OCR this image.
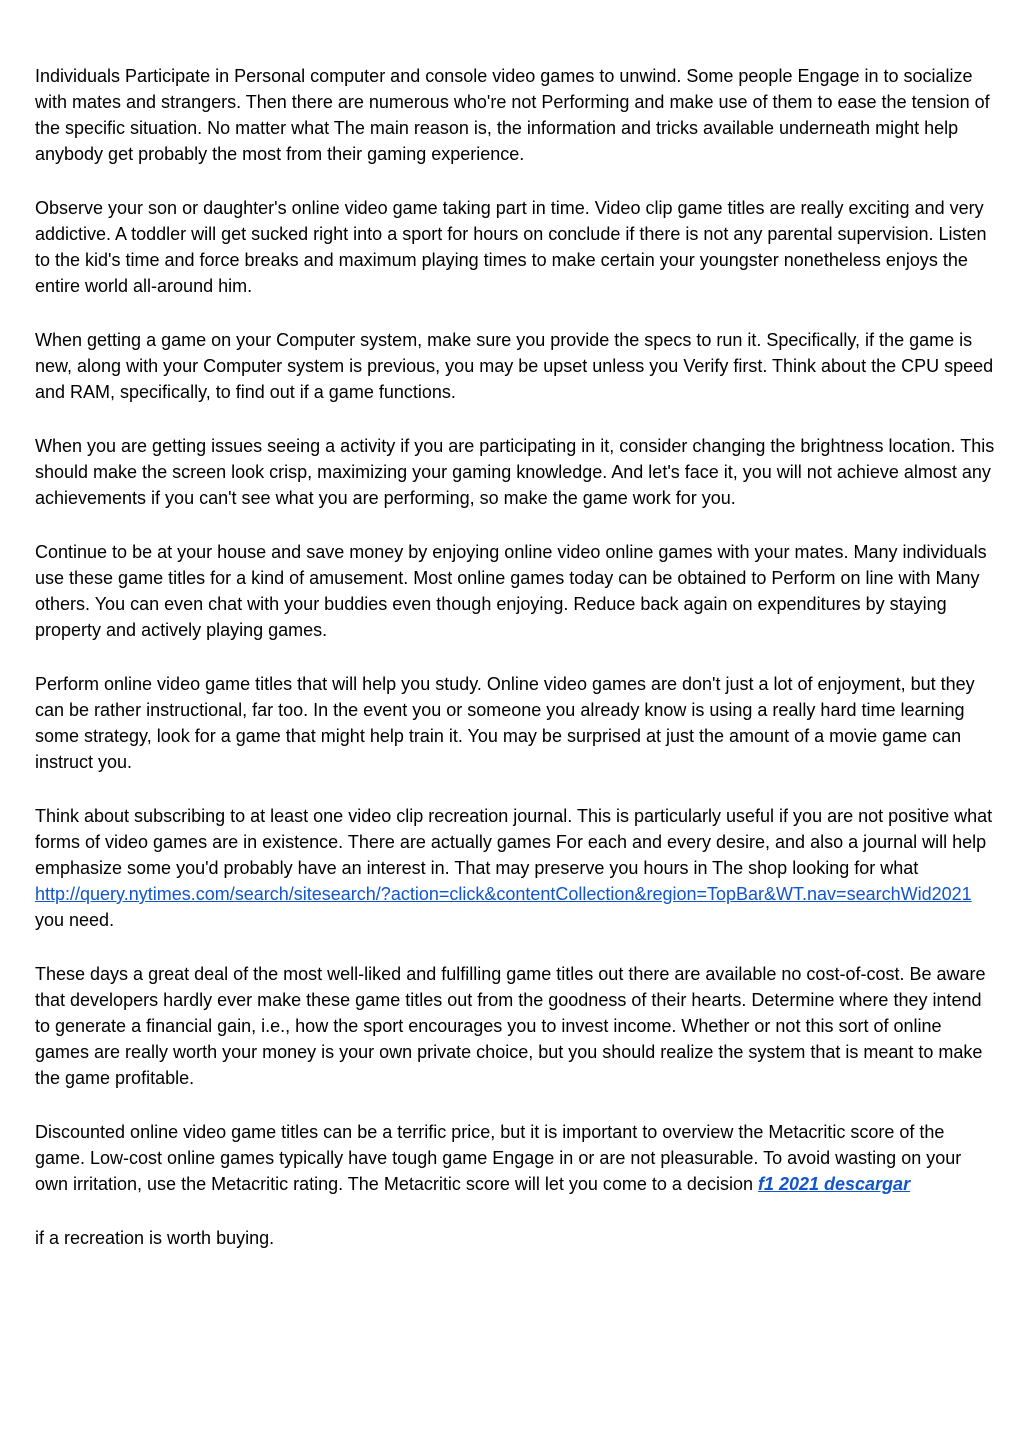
Individuals Participate in Personal computer and console video games to unwind. Some people Engage in to socialize with mates and strangers. Then there are numerous who're not Performing and make use of them to ease the tension of the specific situation. No matter what The main reason is, the information and tricks available underneath might help anybody get probably the most from their gaming experience.

Observe your son or daughter's online video game taking part in time. Video clip game titles are really exciting and very addictive. A toddler will get sucked right into a sport for hours on conclude if there is not any parental supervision. Listen to the kid's time and force breaks and maximum playing times to make certain your youngster nonetheless enjoys the entire world all-around him.

When getting a game on your Computer system, make sure you provide the specs to run it. Specifically, if the game is new, along with your Computer system is previous, you may be upset unless you Verify first. Think about the CPU speed and RAM, specifically, to find out if a game functions.

When you are getting issues seeing a activity if you are participating in it, consider changing the brightness location. This should make the screen look crisp, maximizing your gaming knowledge. And let's face it, you will not achieve almost any achievements if you can't see what you are performing, so make the game work for you.

Continue to be at your house and save money by enjoying online video online games with your mates. Many individuals use these game titles for a kind of amusement. Most online games today can be obtained to Perform on line with Many others. You can even chat with your buddies even though enjoying. Reduce back again on expenditures by staying property and actively playing games.

Perform online video game titles that will help you study. Online video games are don't just a lot of enjoyment, but they can be rather instructional, far too. In the event you or someone you already know is using a really hard time learning some strategy, look for a game that might help train it. You may be surprised at just the amount of a movie game can instruct you.

Think about subscribing to at least one video clip recreation journal. This is particularly useful if you are not positive what forms of video games are in existence. There are actually games For each and every desire, and also a journal will help emphasize some you'd probably have an interest in. That may preserve you hours in The shop looking for what http://query.nytimes.com/search/sitesearch/?action=click&contentCollection&region=TopBar&WT.nav=searchWid2021 you need.

These days a great deal of the most well-liked and fulfilling game titles out there are available no cost-of-cost. Be aware that developers hardly ever make these game titles out from the goodness of their hearts. Determine where they intend to generate a financial gain, i.e., how the sport encourages you to invest income. Whether or not this sort of online games are really worth your money is your own private choice, but you should realize the system that is meant to make the game profitable.

Discounted online video game titles can be a terrific price, but it is important to overview the Metacritic score of the game. Low-cost online games typically have tough game Engage in or are not pleasurable. To avoid wasting on your own irritation, use the Metacritic rating. The Metacritic score will let you come to a decision f1 2021 descargar

if a recreation is worth buying.
